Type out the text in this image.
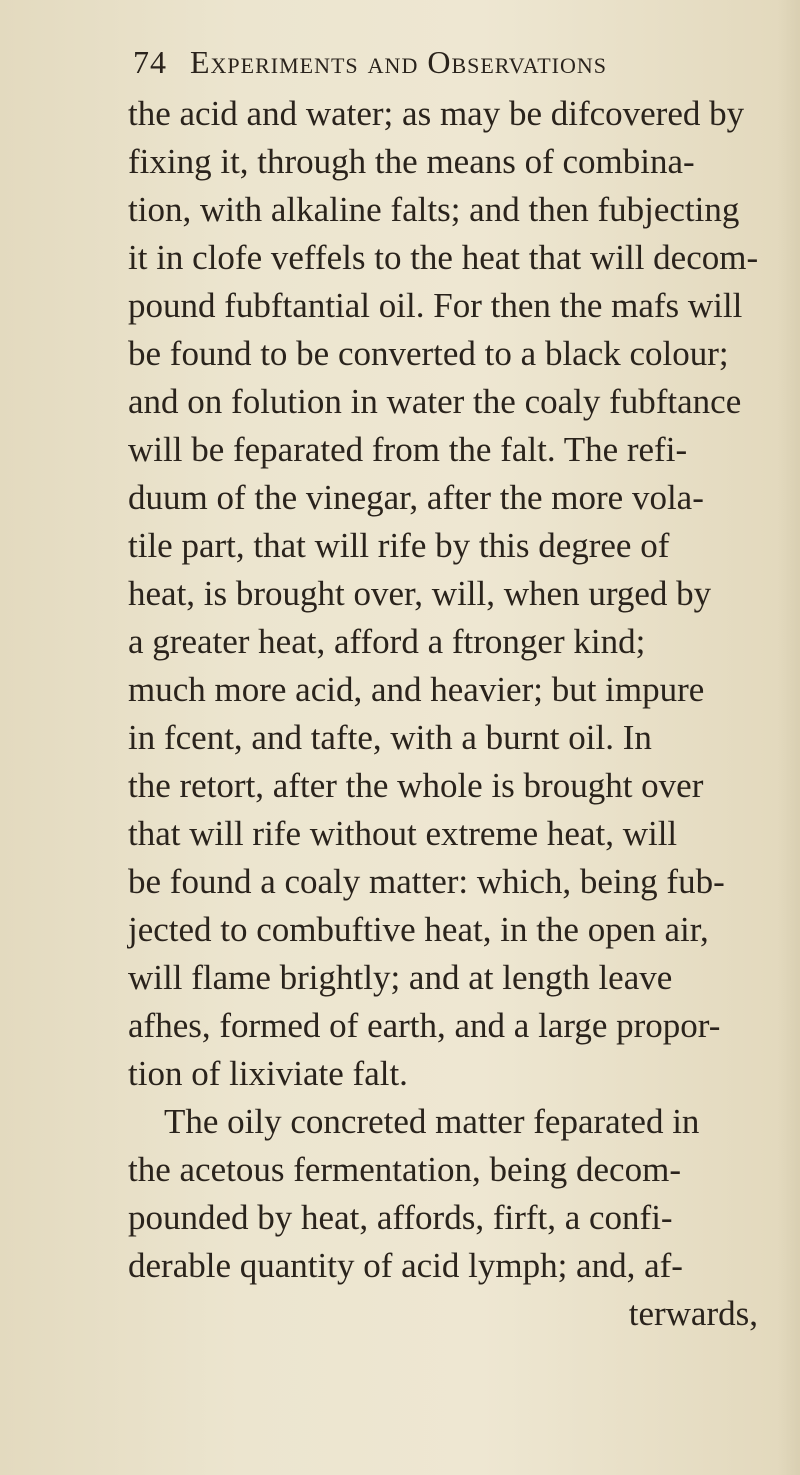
74 Experiments and Observations
the acid and water; as may be difcovered by
fixing it, through the means of combina-
tion, with alkaline falts; and then fubjecting
it in clofe veffels to the heat that will decom-
pound fubftantial oil. For then the mafs will
be found to be converted to a black colour;
and on folution in water the coaly fubftance
will be feparated from the falt. The refi-
duum of the vinegar, after the more vola-
tile part, that will rife by this degree of
heat, is brought over, will, when urged by
a greater heat, afford a ftronger kind;
much more acid, and heavier; but impure
in fcent, and tafte, with a burnt oil. In
the retort, after the whole is brought over
that will rife without extreme heat, will
be found a coaly matter: which, being fub-
jected to combuftive heat, in the open air,
will flame brightly; and at length leave
afhes, formed of earth, and a large propor-
tion of lixiviate falt.
The oily concreted matter feparated in
the acetous fermentation, being decom-
pounded by heat, affords, firft, a confi-
derable quantity of acid lymph; and, af-
terwards,
